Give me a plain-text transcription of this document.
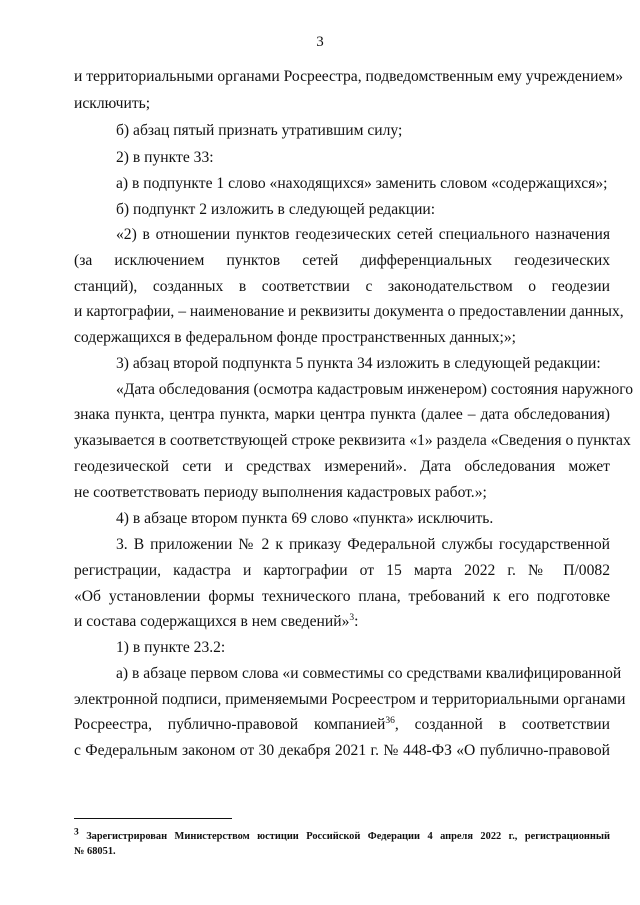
3
и территориальными органами Росреестра, подведомственным ему учреждением»
исключить;
б) абзац пятый признать утратившим силу;
2) в пункте 33:
а) в подпункте 1 слово «находящихся» заменить словом «содержащихся»;
б) подпункт 2 изложить в следующей редакции:
«2) в отношении пунктов геодезических сетей специального назначения
(за исключением пунктов сетей дифференциальных геодезических
станций), созданных в соответствии с законодательством о геодезии
и картографии, – наименование и реквизиты документа о предоставлении данных,
содержащихся в федеральном фонде пространственных данных;»;
3) абзац второй подпункта 5 пункта 34 изложить в следующей редакции:
«Дата обследования (осмотра кадастровым инженером) состояния наружного
знака пункта, центра пункта, марки центра пункта (далее – дата обследования)
указывается в соответствующей строке реквизита «1» раздела «Сведения о пунктах
геодезической сети и средствах измерений». Дата обследования может
не соответствовать периоду выполнения кадастровых работ.»;
4) в абзаце втором пункта 69 слово «пункта» исключить.
3. В приложении № 2 к приказу Федеральной службы государственной
регистрации, кадастра и картографии от 15 марта 2022 г. № П/0082
«Об установлении формы технического плана, требований к его подготовке
и состава содержащихся в нем сведений»$^3$:
1) в пункте 23.2:
а) в абзаце первом слова «и совместимы со средствами квалифицированной
электронной подписи, применяемыми Росреестром и территориальными органами
Росреестра, публично-правовой компанией$^{36}$, созданной в соответствии
с Федеральным законом от 30 декабря 2021 г. № 448-ФЗ «О публично-правовой
$^3$ Зарегистрирован Министерством юстиции Российской Федерации 4 апреля 2022 г., регистрационный
№ 68051.
